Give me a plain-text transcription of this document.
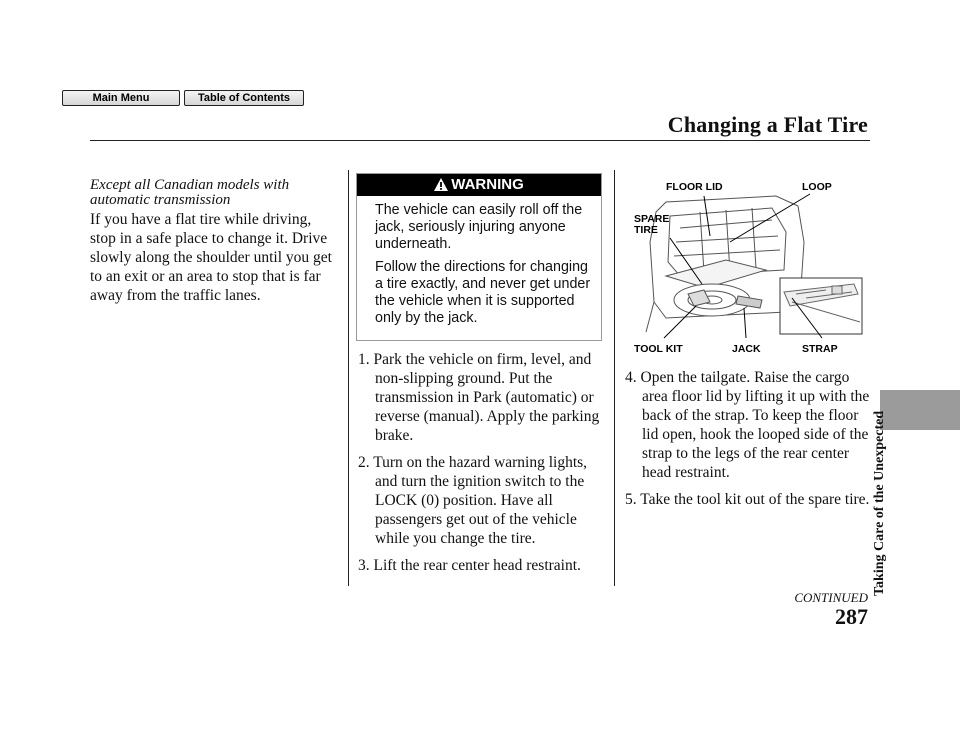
Main Menu	Table of Contents
Changing a Flat Tire
Except all Canadian models with
automatic transmission
If you have a flat tire while driving, stop in a safe place to change it. Drive slowly along the shoulder until you get to an exit or an area to stop that is far away from the traffic lanes.
WARNING

The vehicle can easily roll off the jack, seriously injuring anyone underneath.

Follow the directions for changing a tire exactly, and never get under the vehicle when it is supported only by the jack.

1. Park the vehicle on firm, level, and non-slipping ground. Put the transmission in Park (automatic) or reverse (manual). Apply the parking brake.
2. Turn on the hazard warning lights, and turn the ignition switch to the LOCK (0) position. Have all passengers get out of the vehicle while you change the tire.
3. Lift the rear center head restraint.
FLOOR LID	LOOP
SPARE
TIRE
TOOL KIT	JACK	STRAP
4. Open the tailgate. Raise the cargo area floor lid by lifting it up with the back of the strap. To keep the floor lid open, hook the looped side of the strap to the legs of the rear center head restraint.
5. Take the tool kit out of the spare tire. Taking Care of the Unexpected
CONTINUED
287
